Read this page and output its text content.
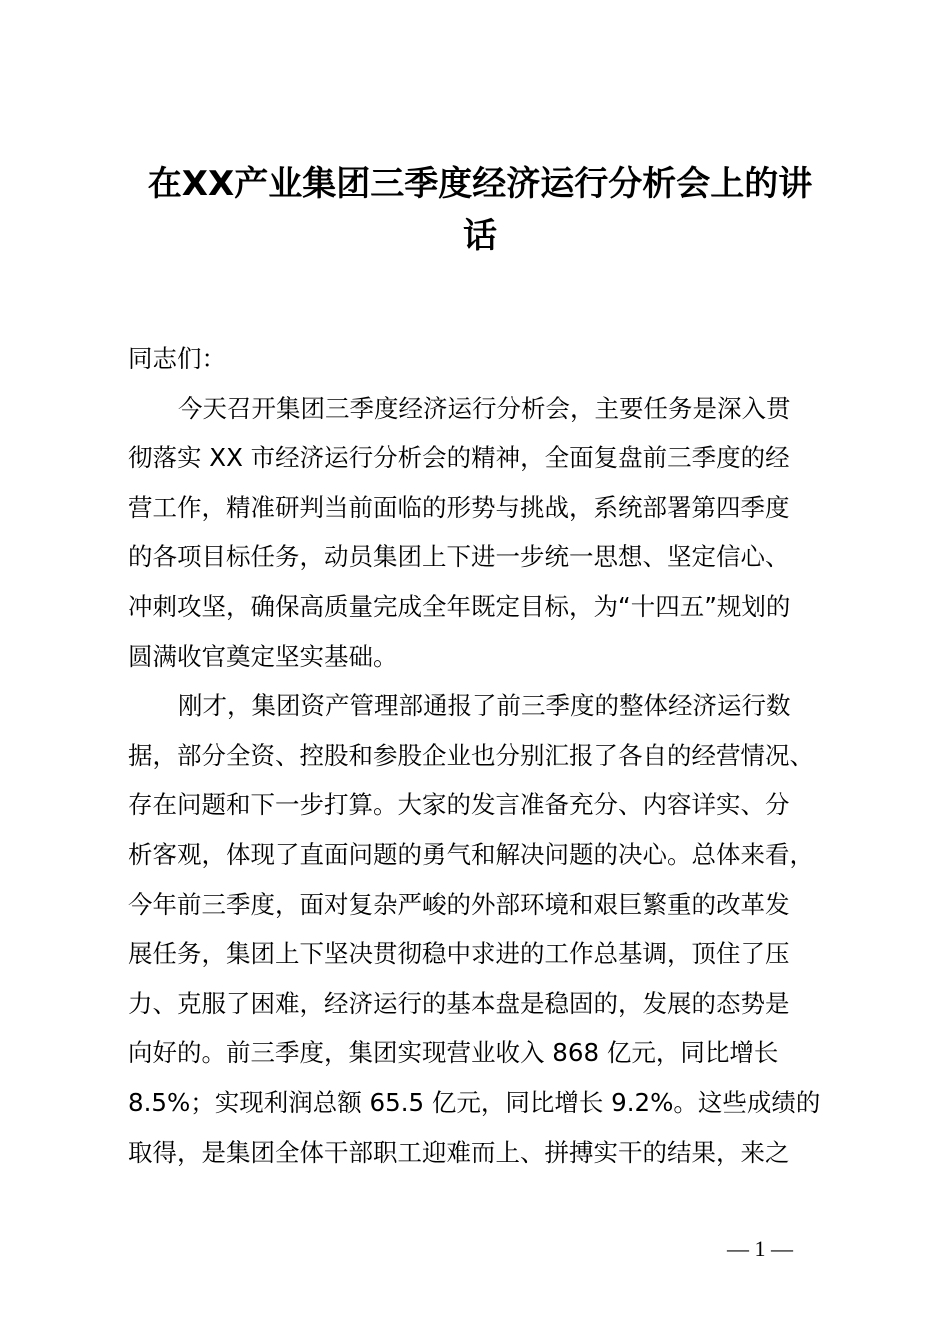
在XX产业集团三季度经济运行分析会上的讲
话
同志们：
今天召开集团三季度经济运行分析会，主要任务是深入贯
彻落实 XX 市经济运行分析会的精神，全面复盘前三季度的经
营工作，精准研判当前面临的形势与挑战，系统部署第四季度
的各项目标任务，动员集团上下进一步统一思想、坚定信心、
冲刺攻坚，确保高质量完成全年既定目标，为“十四五”规划的
圆满收官奠定坚实基础。
刚才，集团资产管理部通报了前三季度的整体经济运行数
据，部分全资、控股和参股企业也分别汇报了各自的经营情况、
存在问题和下一步打算。大家的发言准备充分、内容详实、分
析客观，体现了直面问题的勇气和解决问题的决心。总体来看，
今年前三季度，面对复杂严峻的外部环境和艰巨繁重的改革发
展任务，集团上下坚决贯彻稳中求进的工作总基调，顶住了压
力、克服了困难，经济运行的基本盘是稳固的，发展的态势是
向好的。前三季度，集团实现营业收入 868 亿元，同比增长
8.5%；实现利润总额 65.5 亿元，同比增长 9.2%。这些成绩的
取得，是集团全体干部职工迎难而上、拼搏实干的结果，来之
— 1 —
